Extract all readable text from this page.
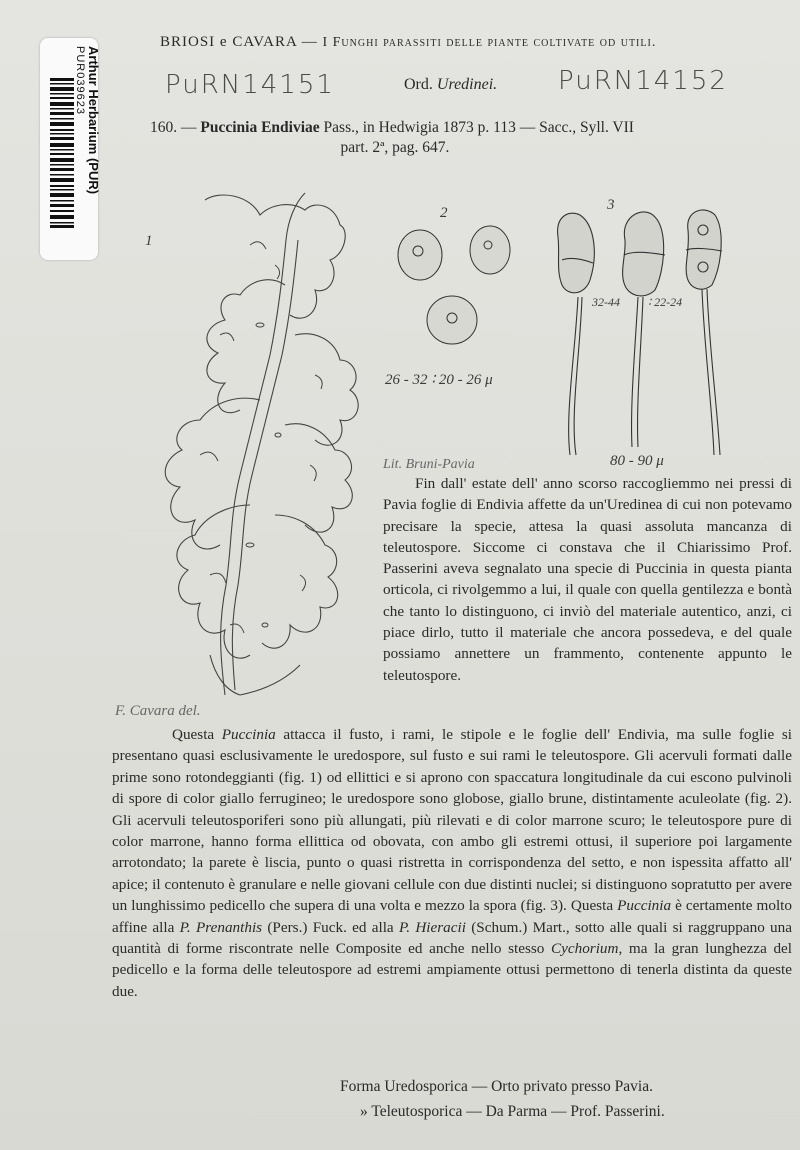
Arthur Herbarium (PUR)
PUR039623
BRIOSI e CAVARA — I Funghi parassiti delle piante coltivate od utili.
PuRN14151	PuRN14152
Ord. Uredinei.
160. — Puccinia Endiviae Pass., in Hedwigia 1873 p. 113 — Sacc., Syll. VII
part. 2ª, pag. 647.
1
2	3
26 - 32 ∶ 20 - 26 μ
32-44 ∶ 22-24
80 - 90 μ
Lit. Bruni-Pavia
F. Cavara del.
Fin dall' estate dell' anno scorso raccogliemmo nei pressi di Pavia foglie di Endivia affette da un'Uredinea di cui non potevamo precisare la specie, attesa la quasi assoluta mancanza di teleutospore. Siccome ci constava che il Chiarissimo Prof. Passerini aveva segnalato una specie di Puccinia in questa pianta orticola, ci rivolgemmo a lui, il quale con quella gentilezza e bontà che tanto lo distinguono, ci inviò del materiale autentico, anzi, ci piace dirlo, tutto il materiale che ancora possedeva, e del quale possiamo annettere un frammento, contenente appunto le teleutospore.
Questa Puccinia attacca il fusto, i rami, le stipole e le foglie dell' Endivia, ma sulle foglie si presentano quasi esclusivamente le uredospore, sul fusto e sui rami le teleutospore. Gli acervuli formati dalle prime sono rotondeggianti (fig. 1) od ellittici e si aprono con spaccatura longitudinale da cui escono pulvinoli di spore di color giallo ferrugineo; le uredospore sono globose, giallo brune, distintamente aculeolate (fig. 2). Gli acervuli teleutosporiferi sono più allungati, più rilevati e di color marrone scuro; le teleutospore pure di color marrone, hanno forma ellittica od obovata, con ambo gli estremi ottusi, il superiore poi largamente arrotondato; la parete è liscia, punto o quasi ristretta in corrispondenza del setto, e non ispessita affatto all' apice; il contenuto è granulare e nelle giovani cellule con due distinti nuclei; si distinguono sopratutto per avere un lunghissimo pedicello che supera di una volta e mezzo la spora (fig. 3). Questa Puccinia è certamente molto affine alla P. Prenanthis (Pers.) Fuck. ed alla P. Hieracii (Schum.) Mart., sotto alle quali si raggruppano una quantità di forme riscontrate nelle Composite ed anche nello stesso Cychorium, ma la gran lunghezza del pedicello e la forma delle teleutospore ad estremi ampiamente ottusi permettono di tenerla distinta da queste due.
Forma Uredosporica — Orto privato presso Pavia.
» Teleutosporica — Da Parma — Prof. Passerini.
